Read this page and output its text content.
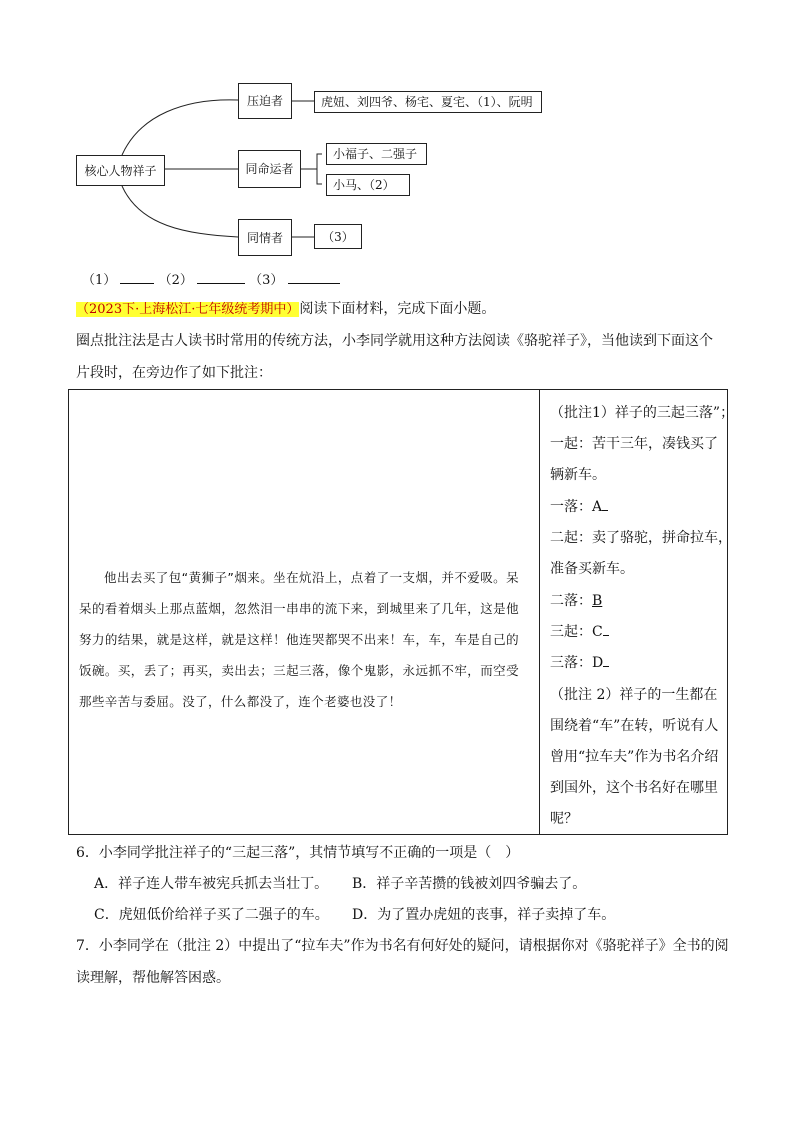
核心人物祥子
压迫者	虎妞、刘四爷、杨宅、夏宅、（1）、阮明
同命运者
小福子、二强子
小马、（2）
同情者	（3）
（1）	（2）	（3）
（2023下·上海松江·七年级统考期中）阅读下面材料，完成下面小题。
圈点批注法是古人读书时常用的传统方法，小李同学就用这种方法阅读《骆驼祥子》，当他读到下面这个
片段时，在旁边作了如下批注：
他出去买了包“黄狮子”烟来。坐在炕沿上，点着了一支烟，并不爱吸。呆呆的看着烟头上那点蓝烟，忽然泪一串串的流下来，到城里来了几年，这是他努力的结果，就是这样，就是这样！他连哭都哭不出来！车，车，车是自己的饭碗。买，丢了；再买，卖出去；三起三落，像个鬼影，永远抓不牢，而空受那些辛苦与委屈。没了，什么都没了，连个老婆也没了！

（批注1）祥子的三起三落”；
一起：苦干三年，凑钱买了
辆新车。
一落：A
二起：卖了骆驼，拼命拉车，
准备买新车。
二落：B
三起：C
三落：D
（批注 2）祥子的一生都在
围绕着“车”在转，听说有人
曾用“拉车夫”作为书名介绍
到国外，这个书名好在哪里
呢？
6．小李同学批注祥子的“三起三落”，其情节填写不正确的一项是（　）
A．祥子连人带车被宪兵抓去当壮丁。 B．祥子辛苦攒的钱被刘四爷骗去了。
C．虎妞低价给祥子买了二强子的车。 D．为了置办虎妞的丧事，祥子卖掉了车。
7．小李同学在（批注 2）中提出了“拉车夫”作为书名有何好处的疑问，请根据你对《骆驼祥子》全书的阅
读理解，帮他解答困惑。
